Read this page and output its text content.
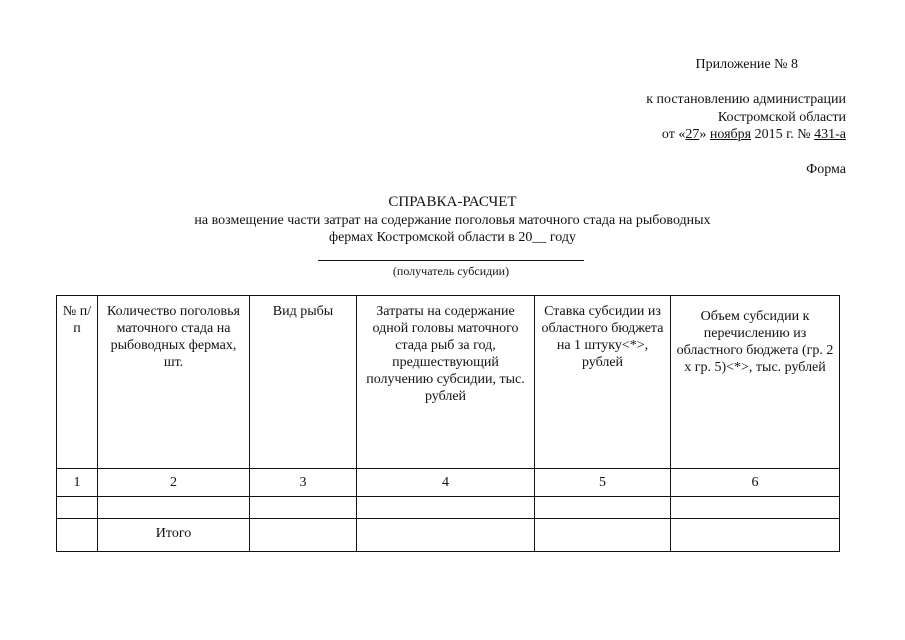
Приложение № 8
к постановлению администрации
Костромской области
от «27» ноября 2015 г. № 431-а
Форма
СПРАВКА-РАСЧЕТ
на возмещение части затрат на содержание поголовья маточного стада на рыбоводных
фермах Костромской области в 20__ году
(получатель субсидии)
№ п/п	Количество поголовья маточного стада на рыбоводных фермах, шт.	Вид рыбы	Затраты на содержание одной головы маточного стада рыб за год, предшествующий получению субсидии, тыс. рублей	Ставка субсидии из областного бюджета на 1 штуку<*>, рублей	Объем субсидии к перечислению из областного бюджета (гр. 2 х гр. 5)<*>, тыс. рублей
1	2	3	4	5	6

	Итого				
